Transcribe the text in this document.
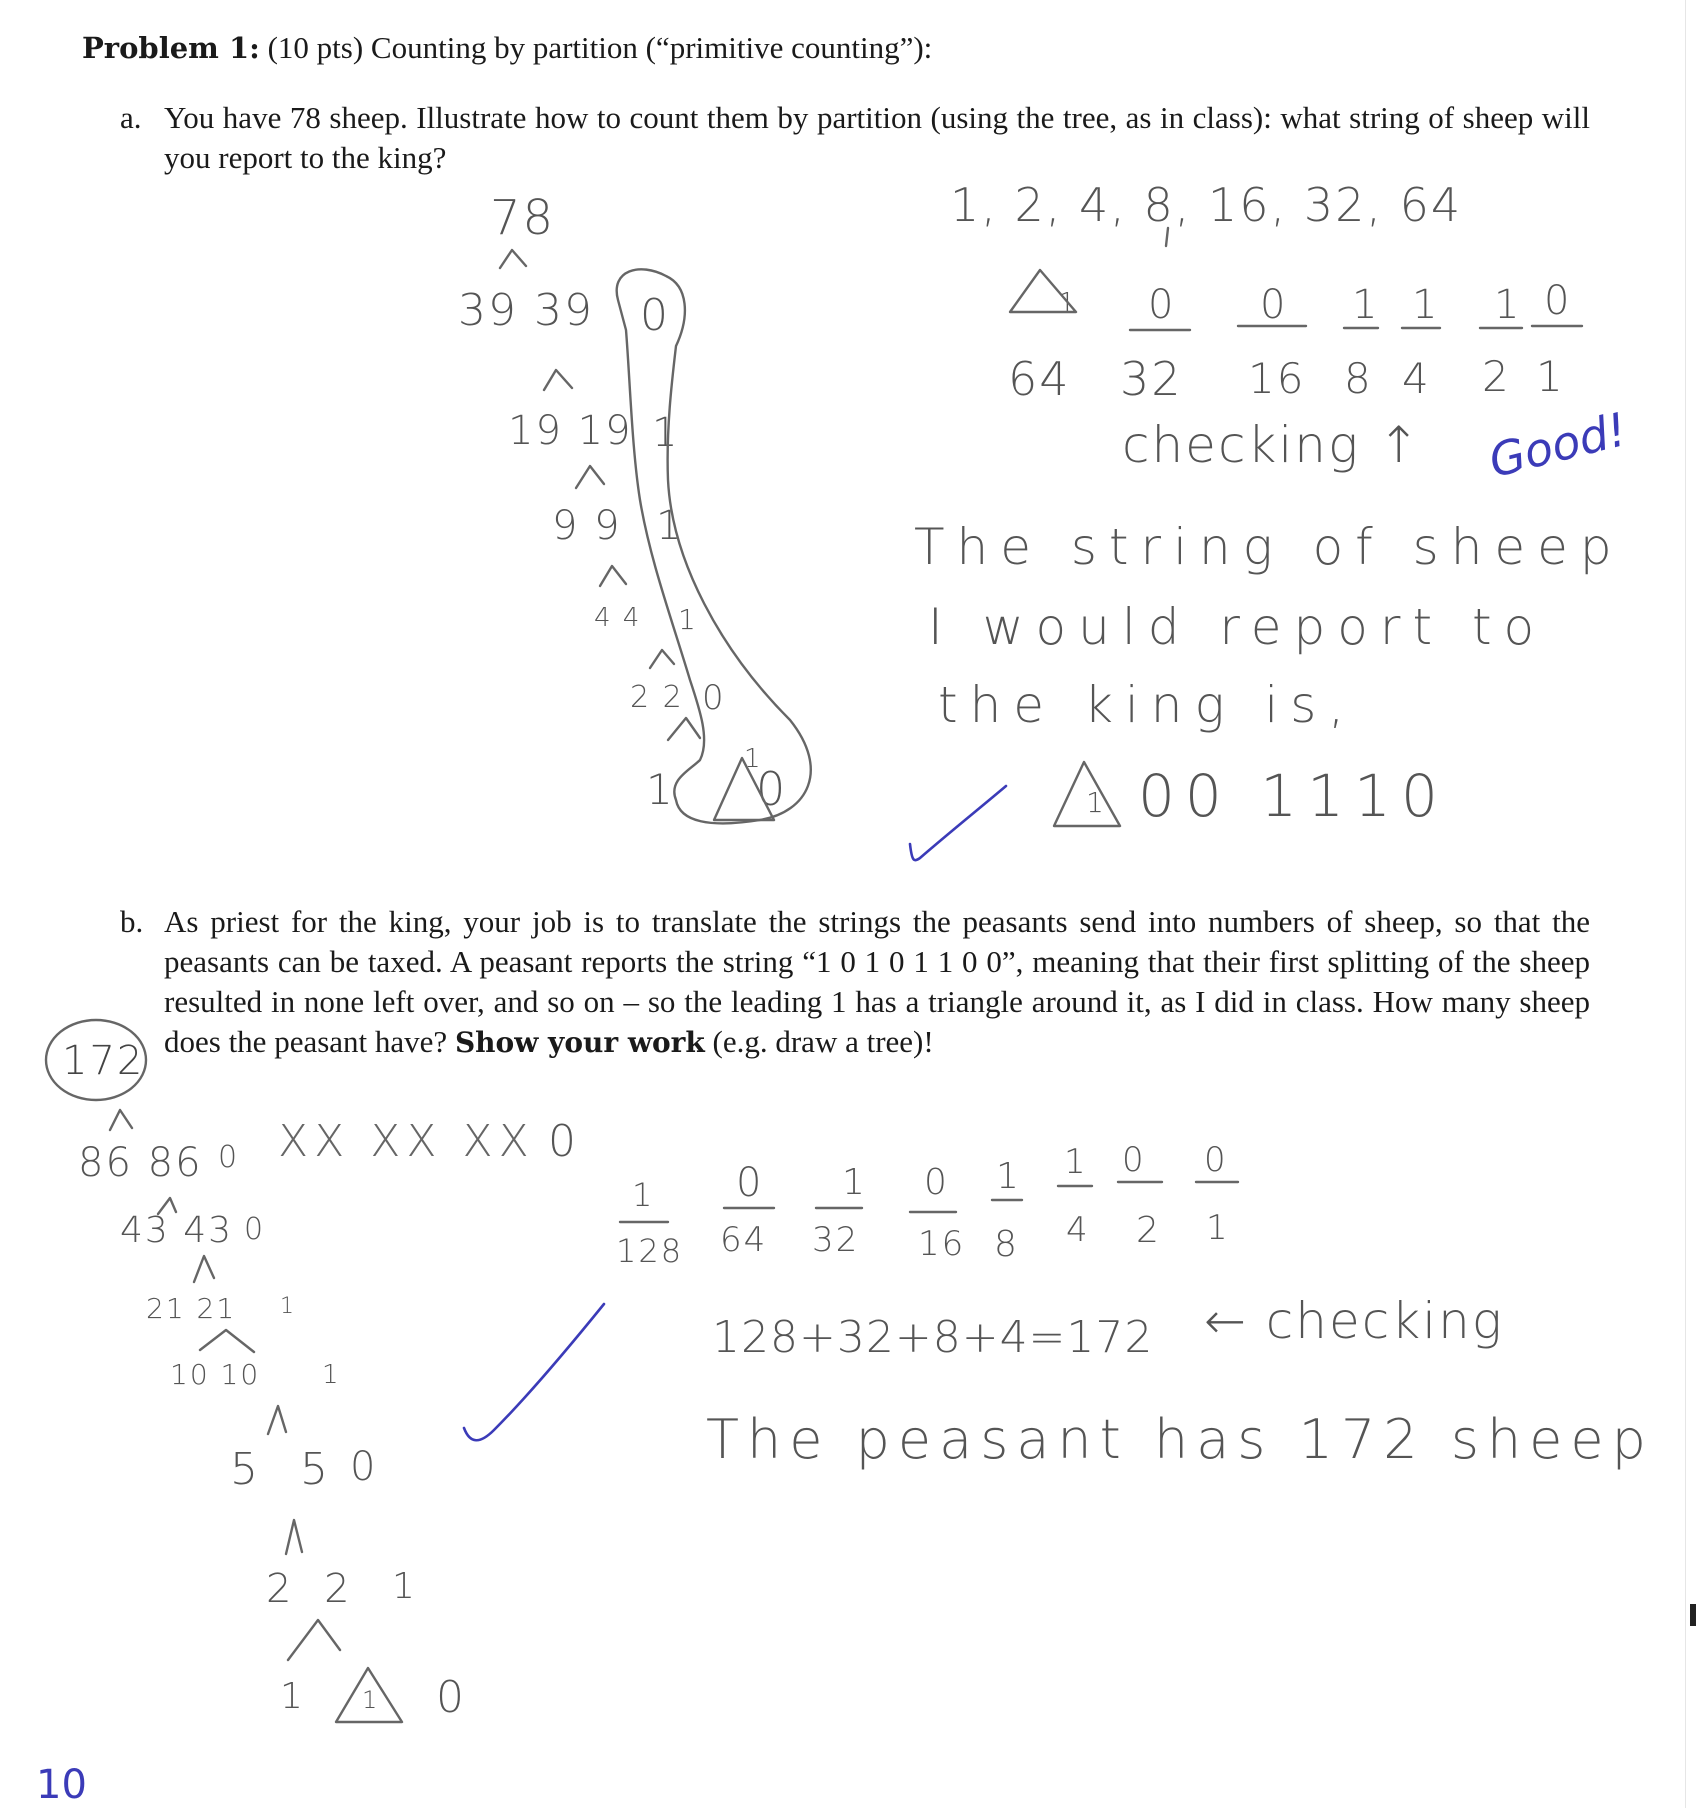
Problem 1: (10 pts) Counting by partition (“primitive counting”):
a. You have 78 sheep. Illustrate how to count them by partition (using the tree, as in class): what string of sheep will you report to the king?
b. As priest for the king, your job is to translate the strings the peasants send into numbers of sheep, so that the peasants can be taxed. A peasant reports the string “1 0 1 0 1 1 0 0”, meaning that their first splitting of the sheep resulted in none left over, and so on – so the leading 1 has a triangle around it, as I did in class. How many sheep does the peasant have? Show your work (e.g. draw a tree)!
78
39 39
19 19
9 9
4 4
2 2
1
0
1
1
1
0
0
1, 2, 4, 8, 16, 32, 64
0 0 1 1 1 0
1
64 32 16 8 4 2 1
checking ↑ Good!
The string of sheep
I would report to
the king is,
00 1110
1
1
172
86 86
43 43
21 21
10 10
5 5
2 2
1
0
0
1
1
0
1
0
1
XX XX XX 0
1 0 1 0 1 1 0 0
128 64 32 16 8 4 2 1
128+32+8+4=172 ← checking
The peasant has 172 sheep
10
